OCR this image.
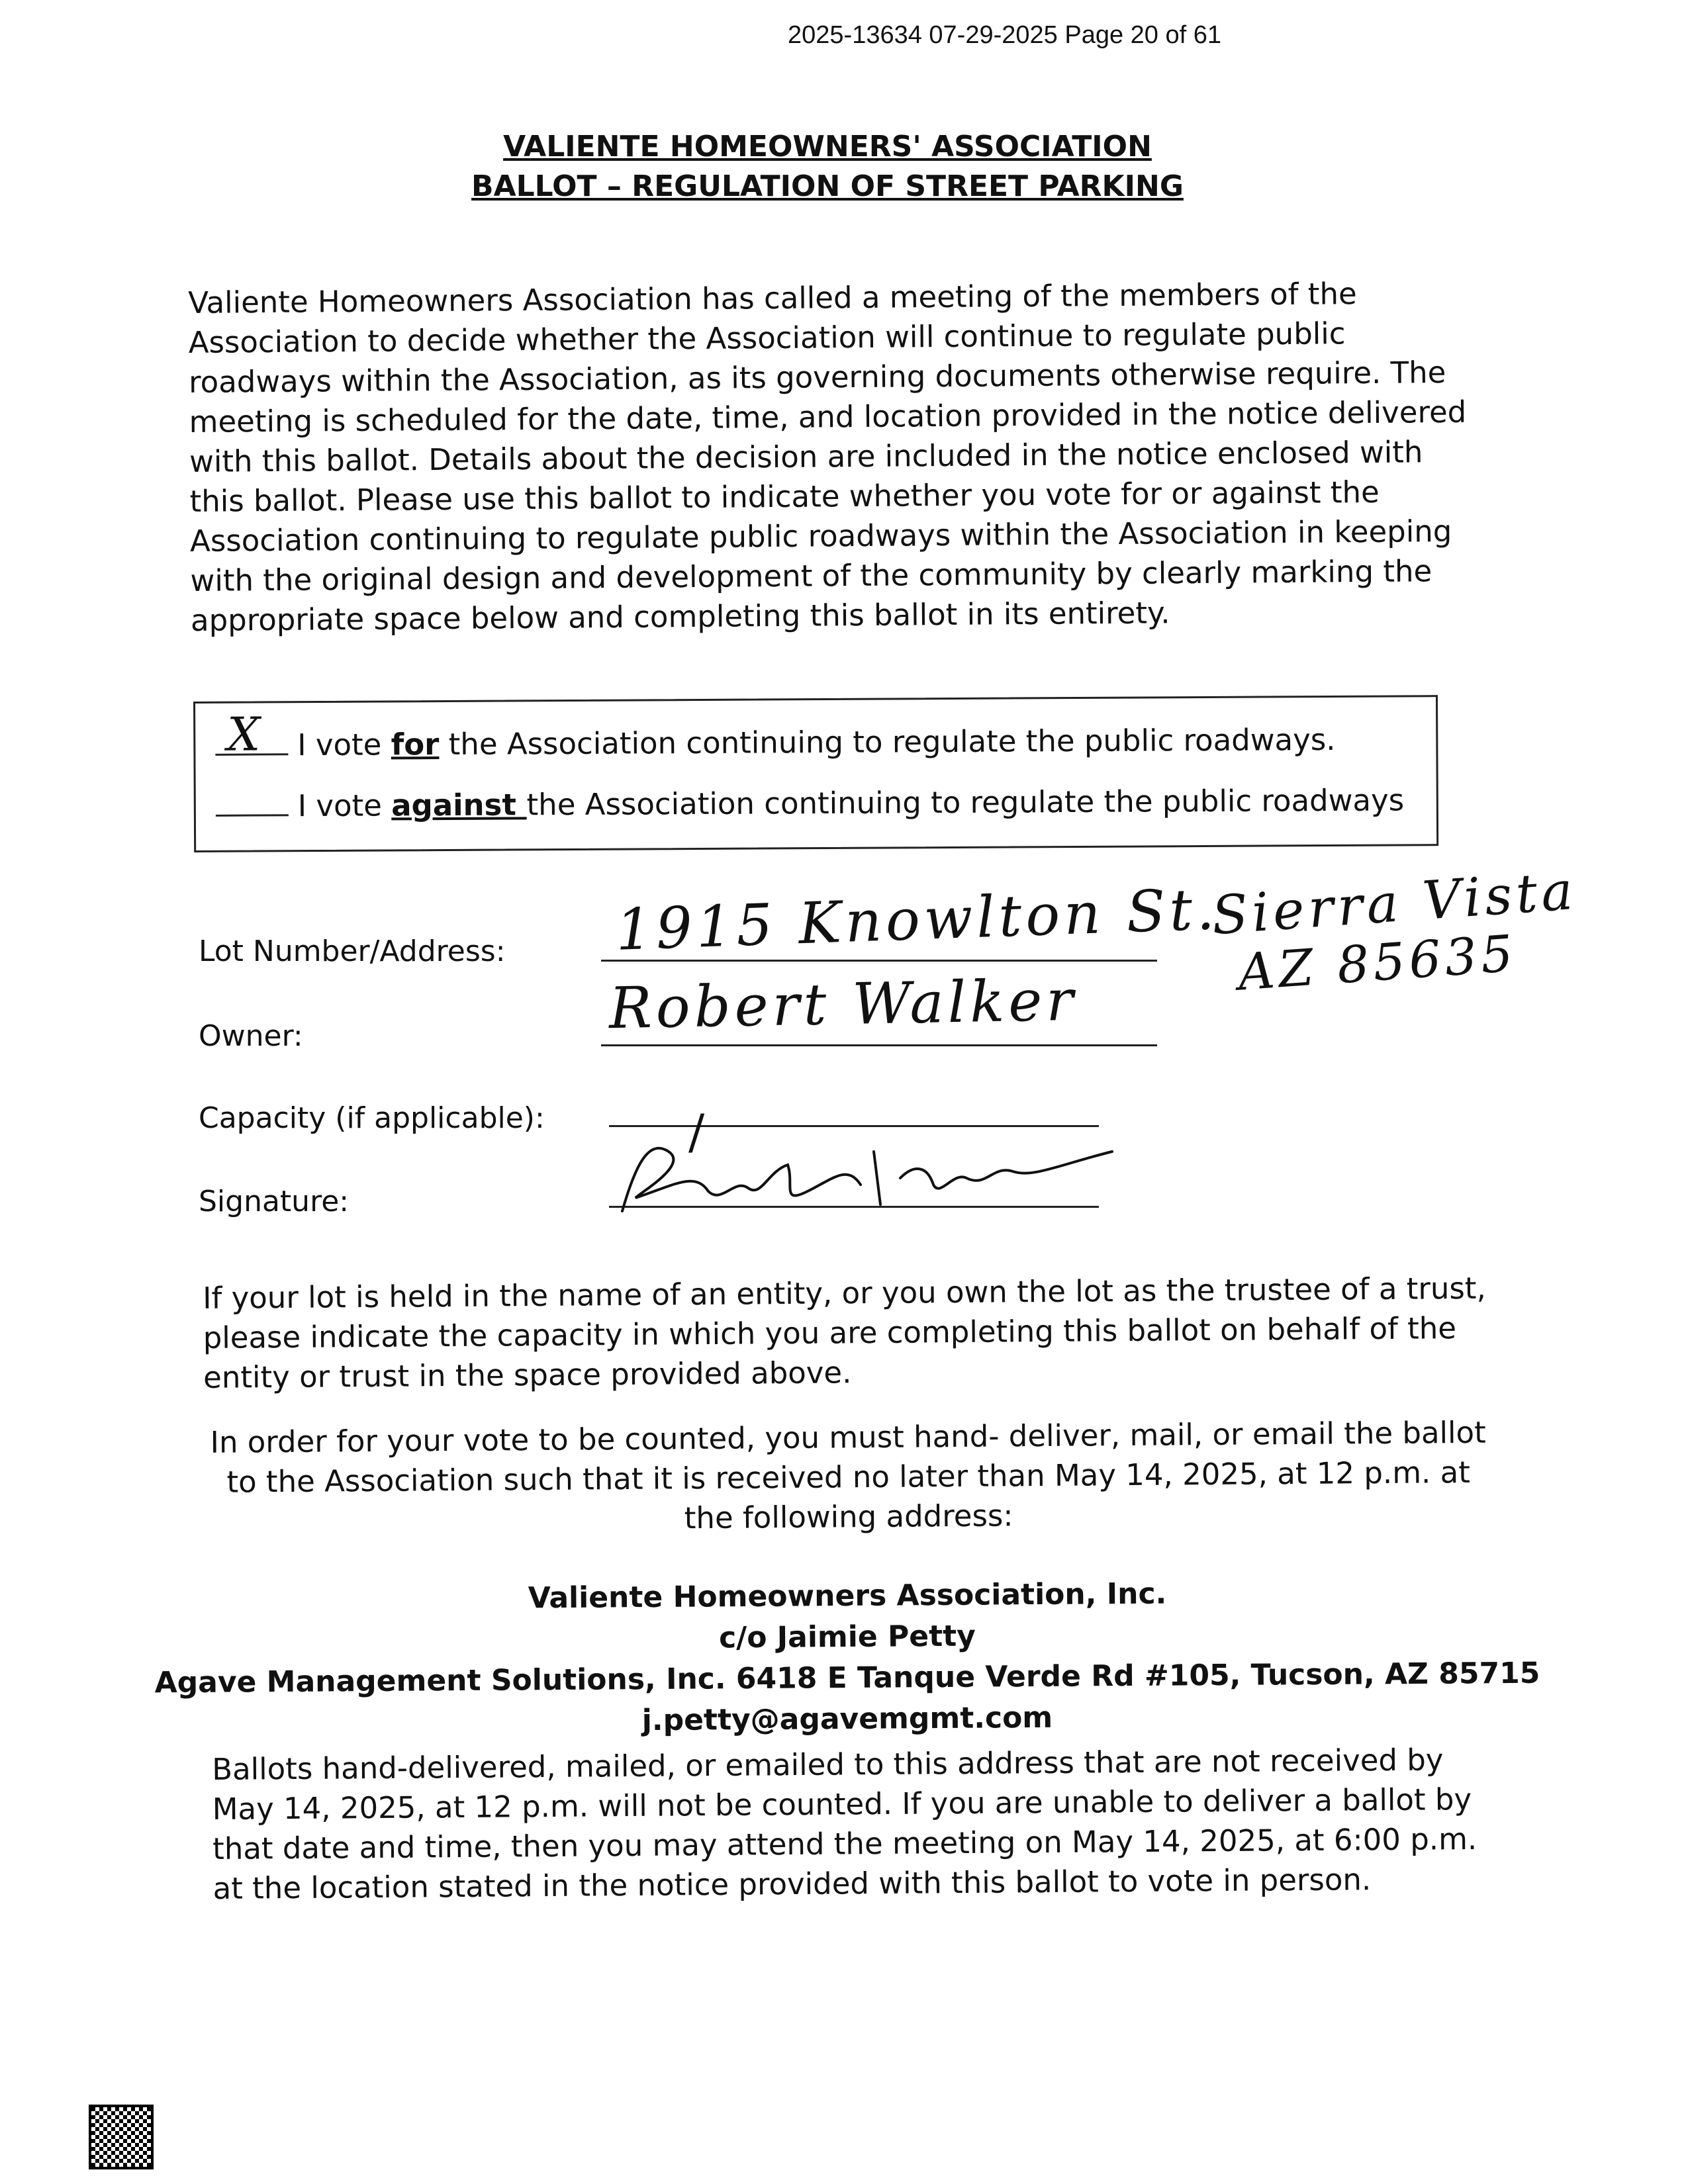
2025-13634 07-29-2025 Page 20 of 61
VALIENTE HOMEOWNERS' ASSOCIATION
BALLOT – REGULATION OF STREET PARKING
Valiente Homeowners Association has called a meeting of the members of the Association to decide whether the Association will continue to regulate public roadways within the Association, as its governing documents otherwise require. The meeting is scheduled for the date, time, and location provided in the notice delivered with this ballot. Details about the decision are included in the notice enclosed with this ballot. Please use this ballot to indicate whether you vote for or against the Association continuing to regulate public roadways within the Association in keeping with the original design and development of the community by clearly marking the appropriate space below and completing this ballot in its entirety.
X I vote for the Association continuing to regulate the public roadways.
I vote against the Association continuing to regulate the public roadways
Lot Number/Address: 1915 Knowlton St.
Sierra Vista
AZ 85635
Owner:	Robert Walker
Capacity (if applicable):	∕
Signature:
If your lot is held in the name of an entity, or you own the lot as the trustee of a trust, please indicate the capacity in which you are completing this ballot on behalf of the entity or trust in the space provided above.
In order for your vote to be counted, you must hand- deliver, mail, or email the ballot to the Association such that it is received no later than May 14, 2025, at 12 p.m. at the following address:
Valiente Homeowners Association, Inc.
c/o Jaimie Petty
Agave Management Solutions, Inc. 6418 E Tanque Verde Rd #105, Tucson, AZ 85715
j.petty@agavemgmt.com
Ballots hand-delivered, mailed, or emailed to this address that are not received by May 14, 2025, at 12 p.m. will not be counted. If you are unable to deliver a ballot by that date and time, then you may attend the meeting on May 14, 2025, at 6:00 p.m. at the location stated in the notice provided with this ballot to vote in person.
